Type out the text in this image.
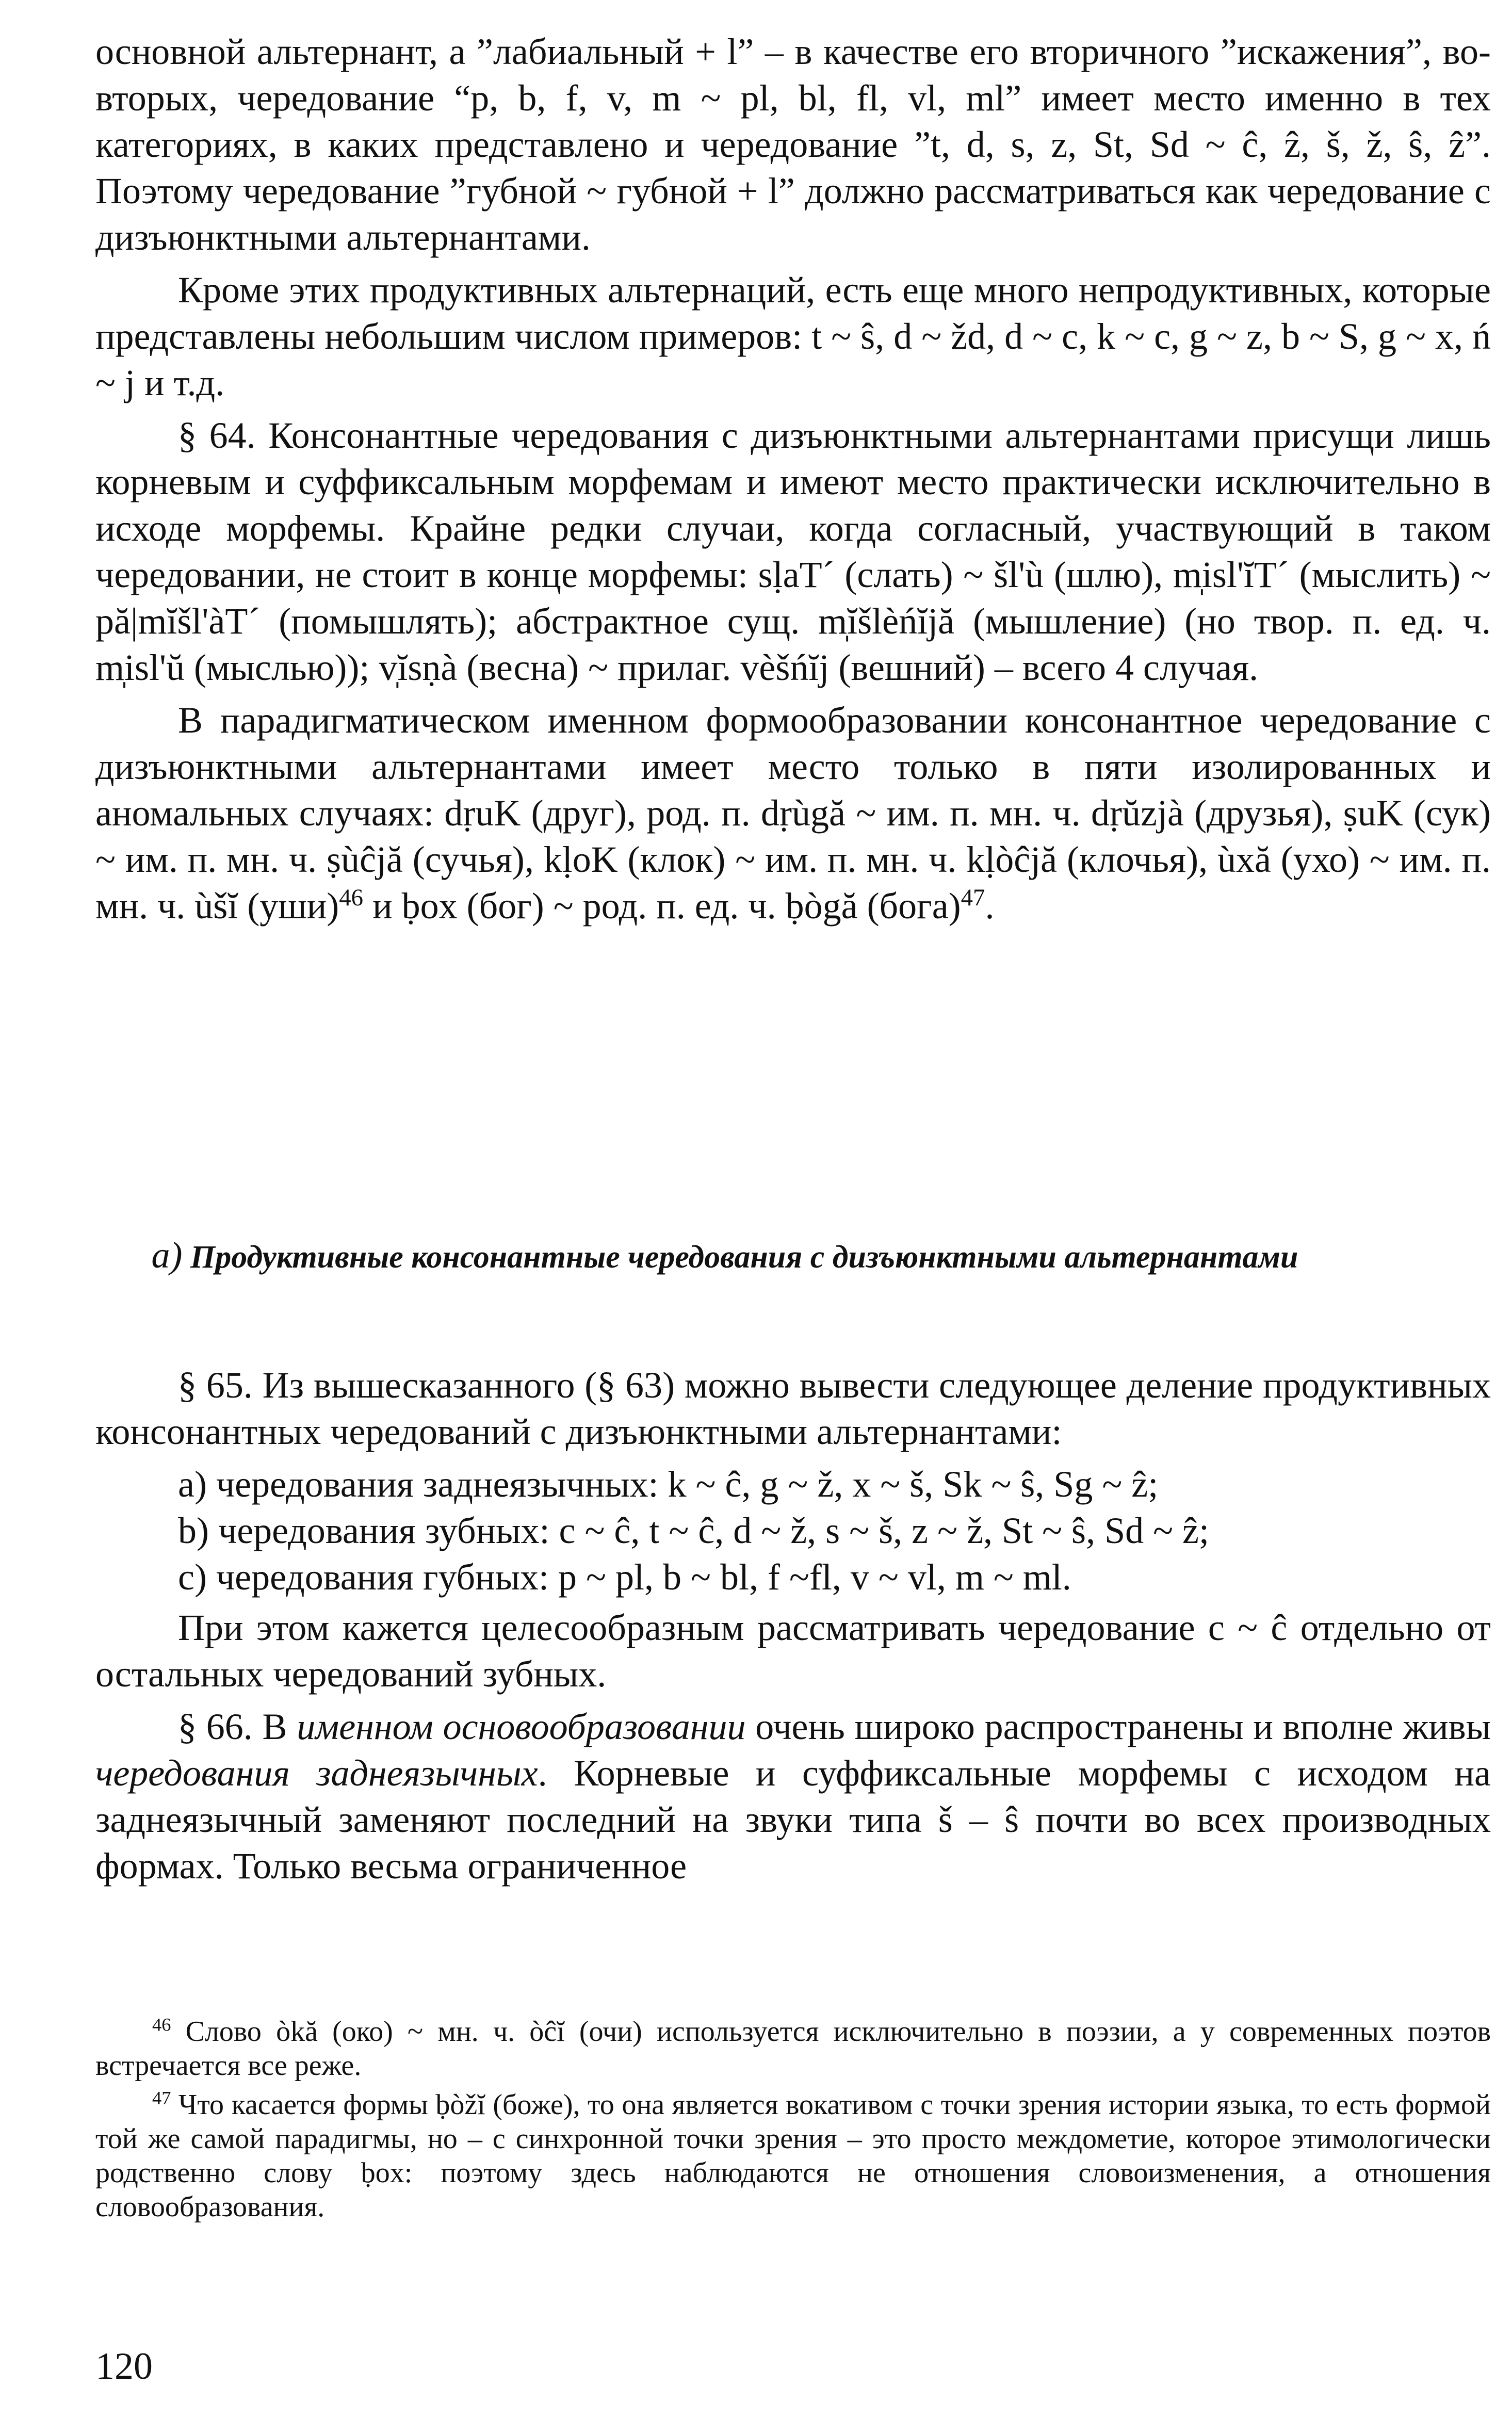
основной альтернант, а ”лабиальный + l” – в качестве его вторичного ”искажения”, во-вторых, чередование “p, b, f, v, m ~ pl, bl, fl, vl, ml” имеет место именно в тех категориях, в каких представлено и чередование ”t, d, s, z, St, Sd ~ ĉ, ẑ, š, ž, ŝ, ẑ”. Поэтому чередование ”губной ~ губной + l” должно рассматриваться как чередование с дизъюнктными альтернантами.

Кроме этих продуктивных альтернаций, есть еще много непродуктивных, которые представлены небольшим числом примеров: t ~ ŝ, d ~ žd, d ~ c, k ~ c, g ~ z, b ~ S, g ~ x, ń ~ j и т.д.

§ 64. Консонантные чередования с дизъюнктными альтернантами присущи лишь корневым и суффиксальным морфемам и имеют место практически исключительно в исходе морфемы. Крайне редки случаи, когда согласный, участвующий в таком чередовании, не стоит в конце морфемы: sḷaT´ (слать) ~ šl'ù (шлю), m̩isl'ĭT´ (мыслить) ~ pă|mĭšl'àT´ (помышлять); абстрактное сущ. m̩ĭšlèńĭjă (мышление) (но твор. п. ед. ч. m̩isl'ŭ (мыслью)); v̩ĭsṇà (весна) ~ прилаг. vèšńĭj (вешний) – всего 4 случая.

В парадигматическом именном формообразовании консонантное чередование с дизъюнктными альтернантами имеет место только в пяти изолированных и аномальных случаях: dṛuK (друг), род. п. dṛùgă ~ им. п. мн. ч. dṛŭzjà (друзья), ṣuK (сук) ~ им. п. мн. ч. ṣùĉjă (сучья), kḷoK (клок) ~ им. п. мн. ч. kḷòĉjă (клочья), ùxă (ухо) ~ им. п. мн. ч. ùšĭ (уши)$^{46}$ и ḅox (бог) ~ род. п. ед. ч. ḅògă (бога)$^{47}$.

a) Продуктивные консонантные чередования с дизъюнктными альтернантами

§ 65. Из вышесказанного (§ 63) можно вывести следующее деление продуктивных консонантных чередований с дизъюнктными альтернантами:

a) чередования заднеязычных: k ~ ĉ, g ~ ž, x ~ š, Sk ~ ŝ, Sg ~ ẑ;
b) чередования зубных: c ~ ĉ, t ~ ĉ, d ~ ž, s ~ š, z ~ ž, St ~ ŝ, Sd ~ ẑ;
c) чередования губных: p ~ pl, b ~ bl, f ~fl, v ~ vl, m ~ ml.

При этом кажется целесообразным рассматривать чередование c ~ ĉ отдельно от остальных чередований зубных.

§ 66. В именном основообразовании очень широко распространены и вполне живы чередования заднеязычных. Корневые и суффиксальные морфемы с исходом на заднеязычный заменяют последний на звуки типа š – ŝ почти во всех производных формах. Только весьма ограниченное

$^{46}$ Слово òkă (око) ~ мн. ч. òĉĭ (очи) используется исключительно в поэзии, а у современных поэтов встречается все реже.

$^{47}$ Что касается формы ḅòžĭ (боже), то она является вокативом с точки зрения истории языка, то есть формой той же самой парадигмы, но – с синхронной точки зрения – это просто междометие, которое этимологически родственно слову ḅox: поэтому здесь наблюдаются не отношения словоизменения, а отношения словообразования.

120
